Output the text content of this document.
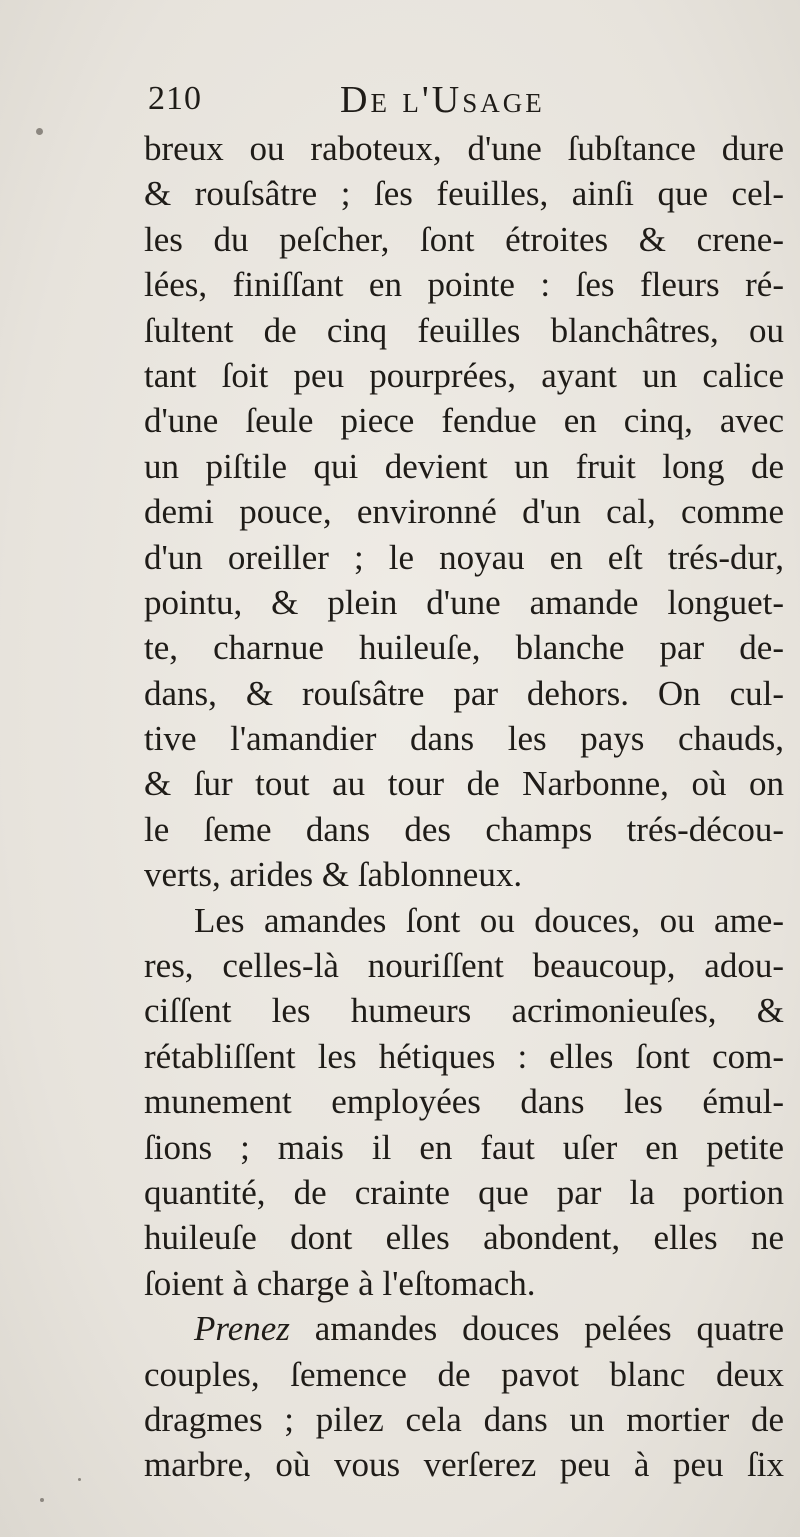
210	De l'Usage
breux ou raboteux, d'une ſubſtance dure
& rouſsâtre ; ſes feuilles, ainſi que cel-
les du peſcher, ſont étroites & crene-
lées, finiſſant en pointe : ſes fleurs ré-
ſultent de cinq feuilles blanchâtres, ou
tant ſoit peu pourprées, ayant un calice
d'une ſeule piece fendue en cinq, avec
un piſtile qui devient un fruit long de
demi pouce, environné d'un cal, comme
d'un oreiller ; le noyau en eſt trés-dur,
pointu, & plein d'une amande longuet-
te, charnue huileuſe, blanche par de-
dans, & rouſsâtre par dehors. On cul-
tive l'amandier dans les pays chauds,
& ſur tout au tour de Narbonne, où on
le ſeme dans des champs trés-décou-
verts, arides & ſablonneux.
Les amandes ſont ou douces, ou ame-
res, celles-là nouriſſent beaucoup, adou-
ciſſent les humeurs acrimonieuſes, &
rétabliſſent les hétiques : elles ſont com-
munement employées dans les émul-
ſions ; mais il en faut uſer en petite
quantité, de crainte que par la portion
huileuſe dont elles abondent, elles ne
ſoient à charge à l'eſtomach.
Prenez amandes douces pelées quatre
couples, ſemence de pavot blanc deux
dragmes ; pilez cela dans un mortier de
marbre, où vous verſerez peu à peu ſix
